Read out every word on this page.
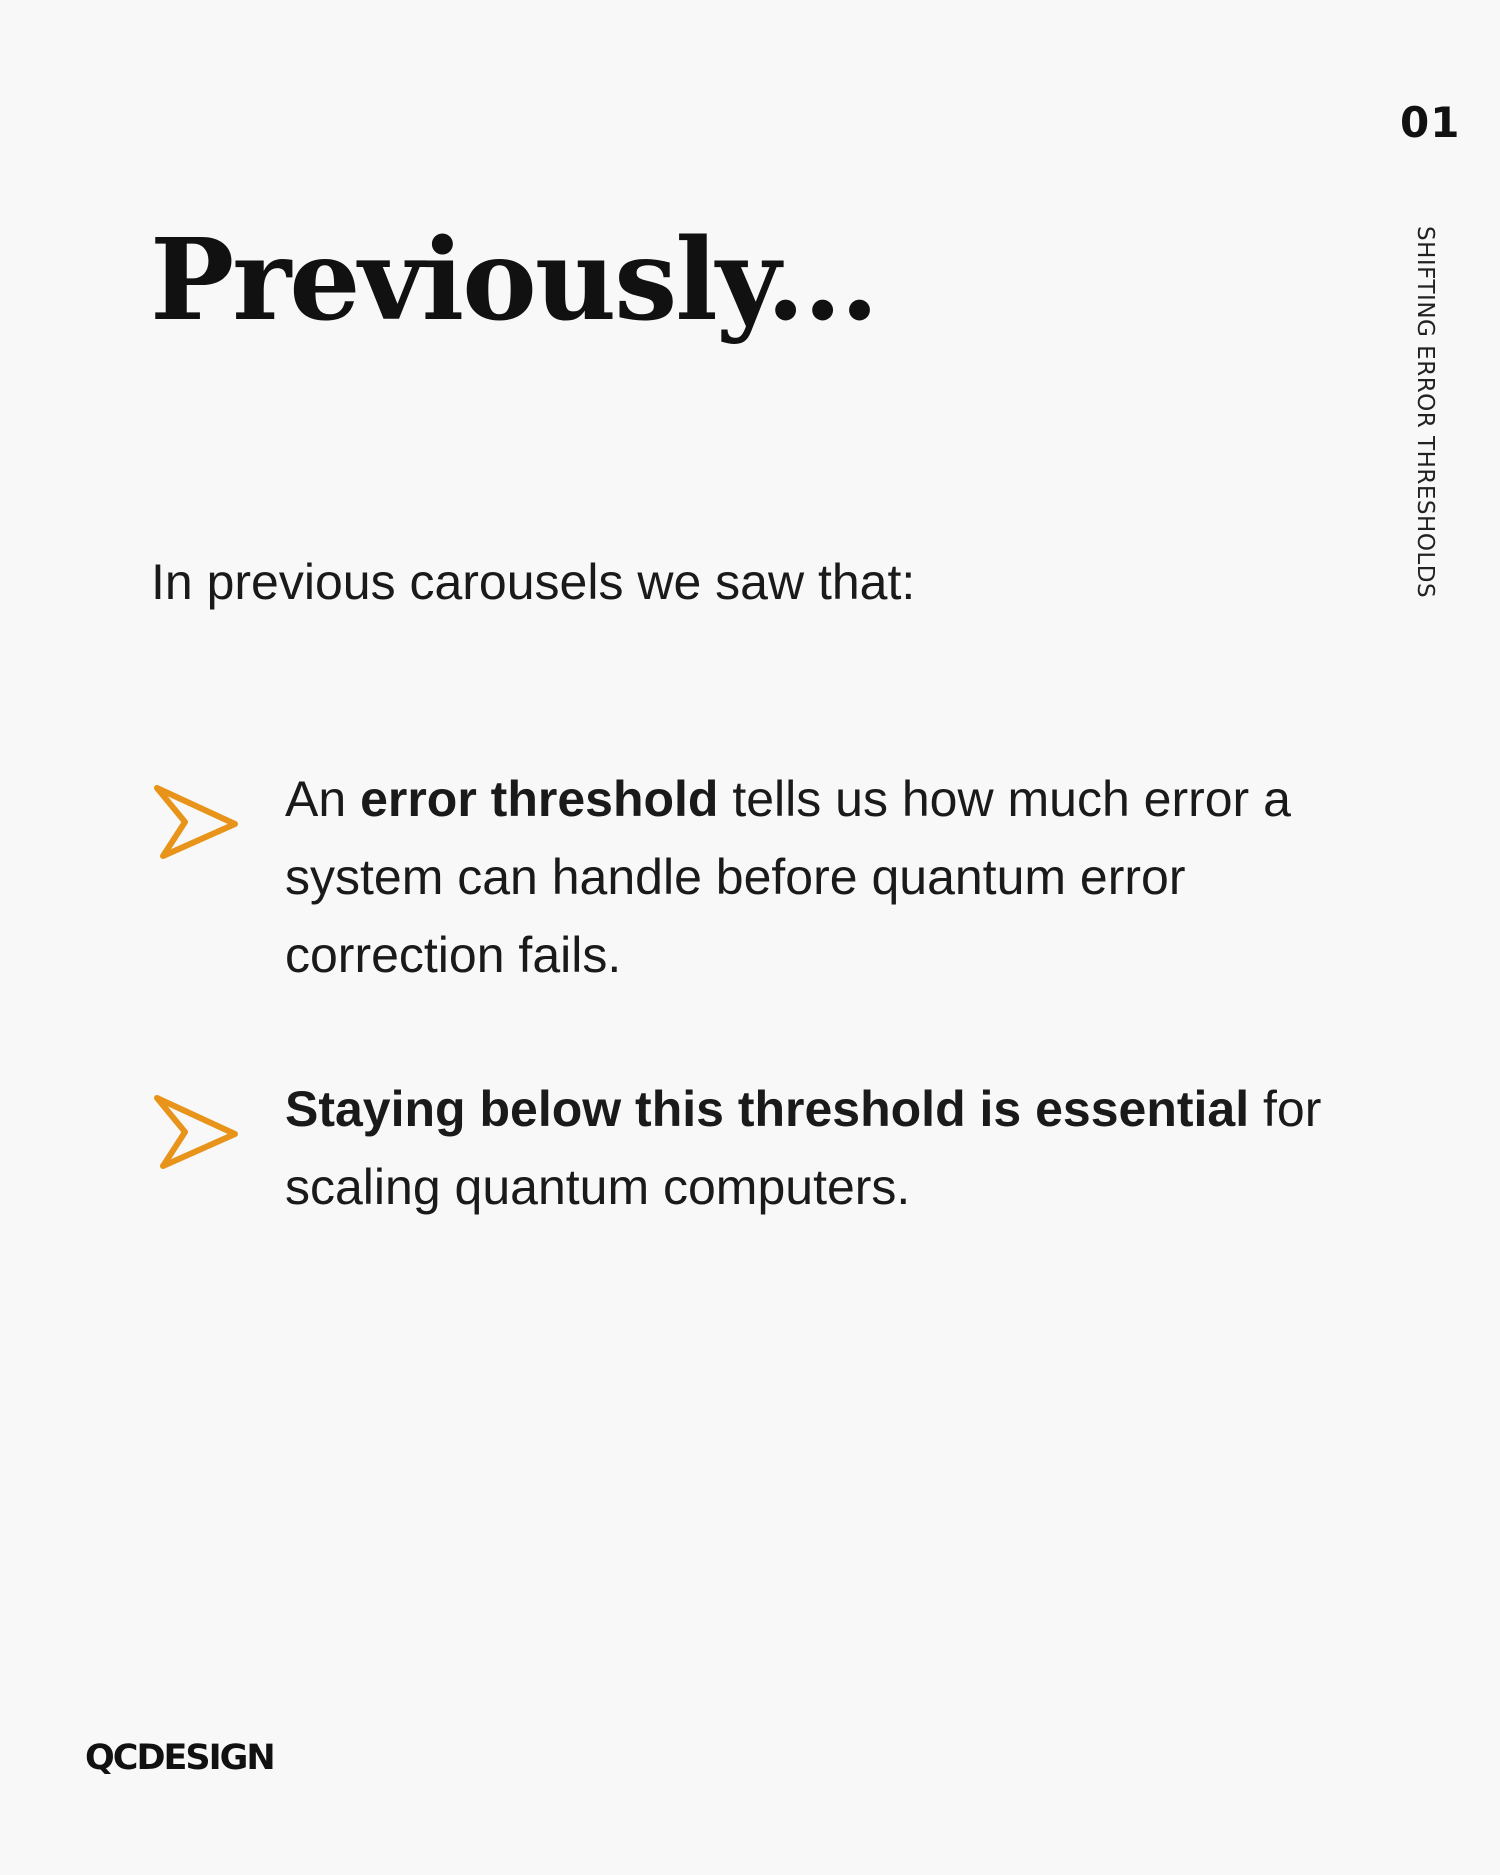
01
SHIFTING ERROR THRESHOLDS
Previously...
In previous carousels we saw that:
An error threshold tells us how much error a system can handle before quantum error correction fails.
Staying below this threshold is essential for scaling quantum computers.
QCDESIGN
